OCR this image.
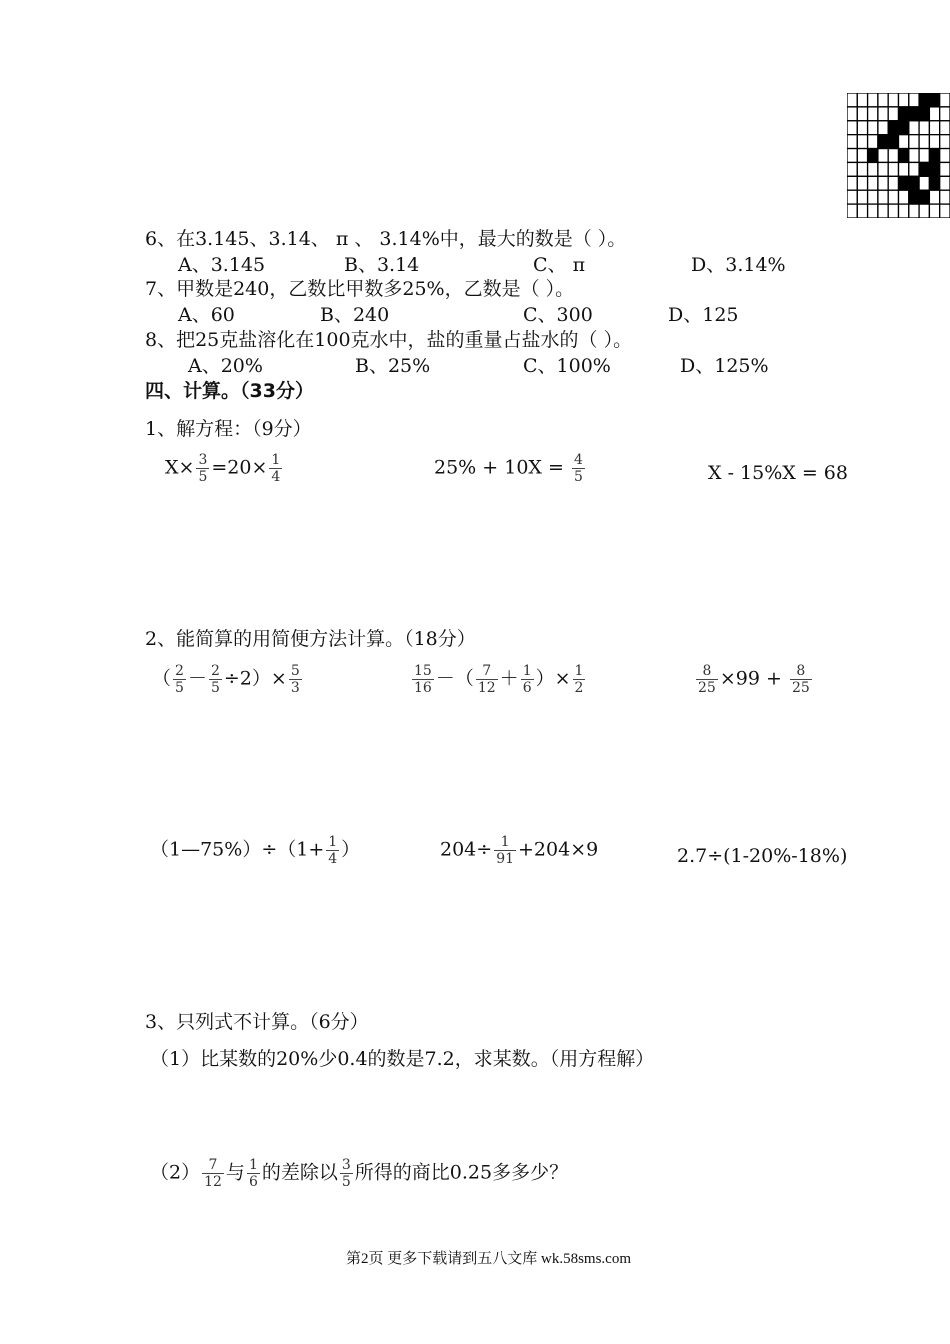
6、在3.145、3.14、 π 、 3.14%中，最大的数是（ ）。
A、3.145	B、3.14	C、 π	D、3.14%
7、甲数是240，乙数比甲数多25%，乙数是（ ）。
A、60	B、240	C、300	D、125
8、把25克盐溶化在100克水中，盐的重量占盐水的（ ）。
A、20%	B、25%	C、100%	D、125%
四、计算。（33分）
1、解方程：（9分）
$X\times \frac{3}{5} =20\times \frac{1}{4}$	$25\% + 10X = \frac{4}{5}$	X - 15%X = 68
2、能简算的用简便方法计算。（18分）
（ $\frac{2}{5} - \frac{2}{5} \div 2)\times \frac{5}{3}$	$\frac{15}{16}$ －（ $\frac{7}{12} + \frac{1}{6}$ ）× $\frac{1}{2}$	$\frac{8}{25} \times 99 + \frac{8}{25}$
（1—75%）÷（1+ $\frac{1}{4}$ ）	$204\div \frac{1}{91} +204\times 9$	2.7÷(1-20%-18%)
3、只列式不计算。（6分）
（1）比某数的20%少0.4的数是7.2，求某数。（用方程解）
$(2) \frac{7}{12}$ 与 $\frac{1}{6}$ 的差除以 $\frac{3}{5}$ 所得的商比0.25多多少？
第2页 更多下载请到五八文库 wk.58sms.com
